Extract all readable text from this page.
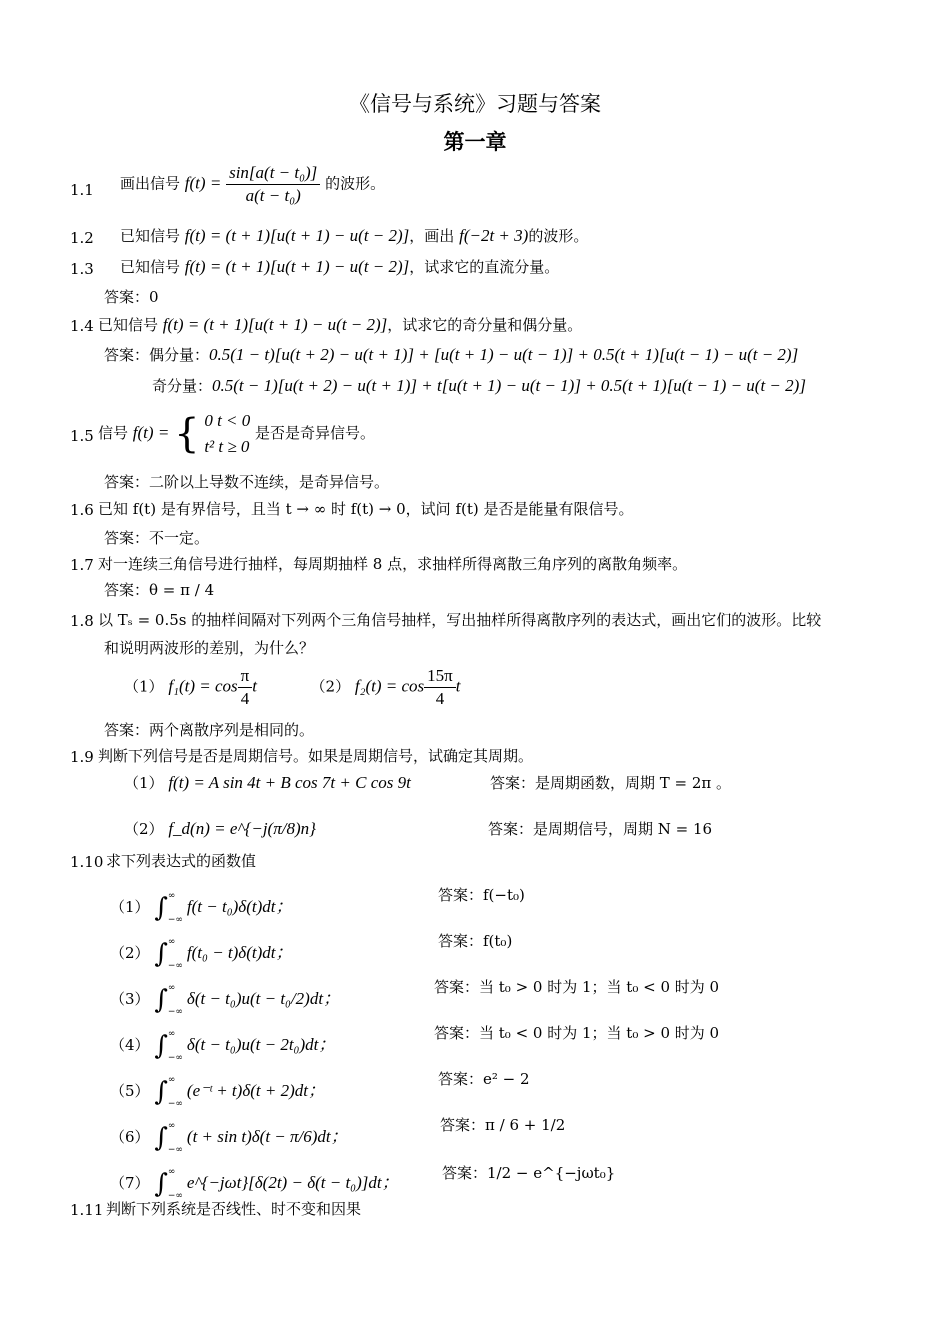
《信号与系统》习题与答案
第一章
1.1 画出信号 $f(t) = \frac{\text{sin[a(t − t₀)]}}{\text{a(t − t₀)}}$ 的波形。
1.2 已知信号 f(t) = (t + 1)[u(t + 1) − u(t − 2)]，画出 f(−2t + 3)的波形。
1.3 已知信号 f(t) = (t + 1)[u(t + 1) − u(t − 2)]，试求它的直流分量。
答案：0
1.4 已知信号 f(t) = (t + 1)[u(t + 1) − u(t − 2)]，试求它的奇分量和偶分量。
答案：偶分量：0.5(1 − t)[u(t + 2) − u(t + 1)] + [u(t + 1) − u(t − 1)] + 0.5(t + 1)[u(t − 1) − u(t − 2)]
奇分量：0.5(t − 1)[u(t + 2) − u(t + 1)] + t[u(t + 1) − u(t − 1)] + 0.5(t + 1)[u(t − 1) − u(t − 2)]
1.5 信号 f(t) = { 0 t < 0
t² t ≥ 0
是否是奇异信号。
答案：二阶以上导数不连续，是奇异信号。
1.6 已知 f(t) 是有界信号，且当 t → ∞ 时 f(t) → 0，试问 f(t) 是否是能量有限信号。
答案：不一定。
1.7 对一连续三角信号进行抽样，每周期抽样 8 点，求抽样所得离散三角序列的离散角频率。
答案：θ = π / 4
1.8 以 Tₛ = 0.5s 的抽样间隔对下列两个三角信号抽样，写出抽样所得离散序列的表达式，画出它们的波形。比较
和说明两波形的差别，为什么？
（1） $f_1(t) = \cos \frac{\pi}{4}$ t	（2） $f_2(t) = \cos \frac{15\pi}{4}$ t
答案：两个离散序列是相同的。
1.9 判断下列信号是否是周期信号。如果是周期信号，试确定其周期。
（1） f(t) = A sin 4t + B cos 7t + C cos 9t	答案：是周期函数，周期 T = 2π 。
（2） f_d(n) = e^{−j(π/8)n}	答案：是周期信号，周期 N = 16
1.10 求下列表达式的函数值
（1） ∫ ∞
−∞
f(t − t₀)δ(t)dt；
答案：f(−t₀)
（2） ∫ ∞
−∞
f(t₀ − t)δ(t)dt；
答案：f(t₀)
（3） ∫ ∞
−∞
δ(t − t₀)u(t − t₀/2)dt；
答案：当 t₀ > 0 时为 1；当 t₀ < 0 时为 0
（4） ∫ ∞
−∞
δ(t − t₀)u(t − 2t₀)dt；
答案：当 t₀ < 0 时为 1；当 t₀ > 0 时为 0
（5） ∫ ∞
−∞
(e⁻ᵗ + t)δ(t + 2)dt；
答案：e² − 2
（6） ∫ ∞
−∞
(t + sin t)δ(t − π/6)dt；
答案：π / 6 + 1/2
（7） ∫ ∞
−∞
e^{−jωt}[δ(2t) − δ(t − t₀)]dt；	答案：1/2 − e^{−jωt₀}
1.11 判断下列系统是否线性、时不变和因果
